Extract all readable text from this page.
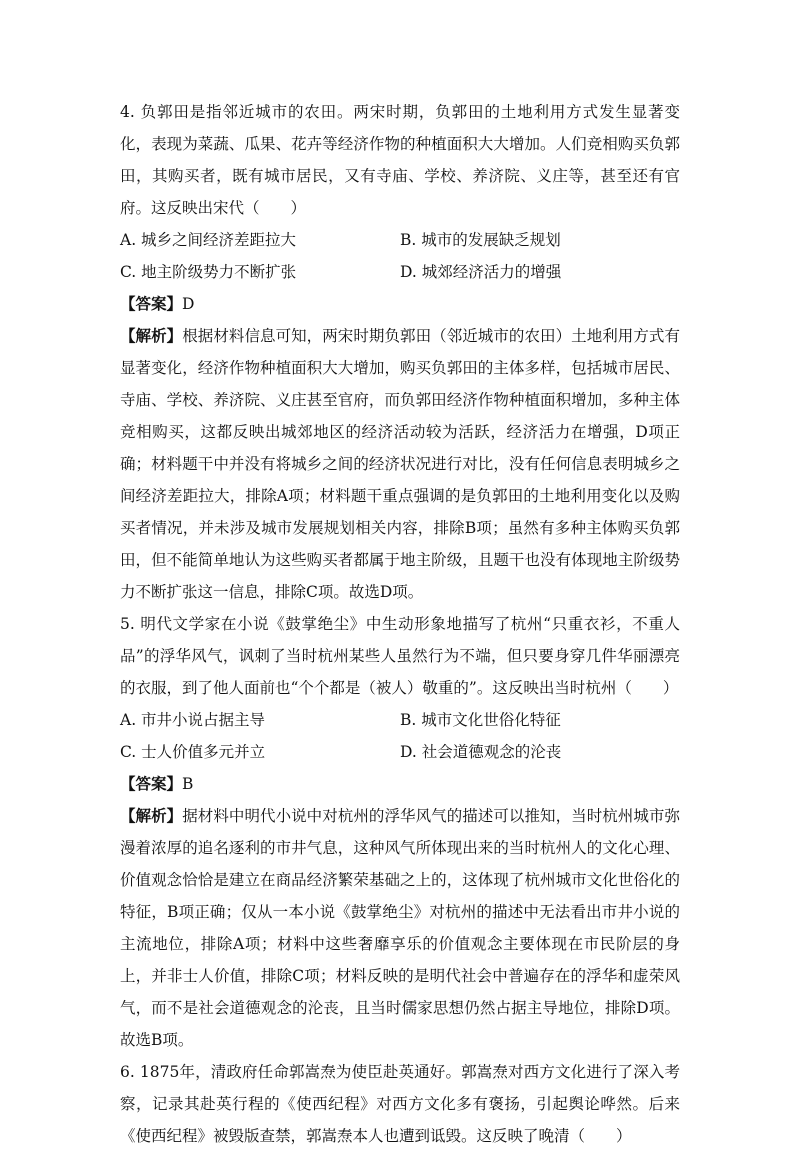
4. 负郭田是指邻近城市的农田。两宋时期，负郭田的土地利用方式发生显著变化，表现为菜蔬、瓜果、花卉等经济作物的种植面积大大增加。人们竞相购买负郭田，其购买者，既有城市居民，又有寺庙、学校、养济院、义庄等，甚至还有官府。这反映出宋代（　　）

A. 城乡之间经济差距拉大	B. 城市的发展缺乏规划
C. 地主阶级势力不断扩张	D. 城郊经济活力的增强

【答案】D

【解析】根据材料信息可知，两宋时期负郭田（邻近城市的农田）土地利用方式有显著变化，经济作物种植面积大大增加，购买负郭田的主体多样，包括城市居民、寺庙、学校、养济院、义庄甚至官府，而负郭田经济作物种植面积增加，多种主体竞相购买，这都反映出城郊地区的经济活动较为活跃，经济活力在增强，D项正确；材料题干中并没有将城乡之间的经济状况进行对比，没有任何信息表明城乡之间经济差距拉大，排除A项；材料题干重点强调的是负郭田的土地利用变化以及购买者情况，并未涉及城市发展规划相关内容，排除B项；虽然有多种主体购买负郭田，但不能简单地认为这些购买者都属于地主阶级，且题干也没有体现地主阶级势力不断扩张这一信息，排除C项。故选D项。

5. 明代文学家在小说《鼓掌绝尘》中生动形象地描写了杭州“只重衣衫，不重人品”的浮华风气，讽刺了当时杭州某些人虽然行为不端，但只要身穿几件华丽漂亮的衣服，到了他人面前也“个个都是（被人）敬重的”。这反映出当时杭州（　　）

A. 市井小说占据主导	B. 城市文化世俗化特征
C. 士人价值多元并立	D. 社会道德观念的沦丧

【答案】B

【解析】据材料中明代小说中对杭州的浮华风气的描述可以推知，当时杭州城市弥漫着浓厚的追名逐利的市井气息，这种风气所体现出来的当时杭州人的文化心理、价值观念恰恰是建立在商品经济繁荣基础之上的，这体现了杭州城市文化世俗化的特征，B项正确；仅从一本小说《鼓掌绝尘》对杭州的描述中无法看出市井小说的主流地位，排除A项；材料中这些奢靡享乐的价值观念主要体现在市民阶层的身上，并非士人价值，排除C项；材料反映的是明代社会中普遍存在的浮华和虚荣风气，而不是社会道德观念的沦丧，且当时儒家思想仍然占据主导地位，排除D项。故选B项。

6. 1875年，清政府任命郭嵩焘为使臣赴英通好。郭嵩焘对西方文化进行了深入考察，记录其赴英行程的《使西纪程》对西方文化多有褒扬，引起舆论哗然。后来《使西纪程》被毁版查禁，郭嵩焘本人也遭到诋毁。这反映了晚清（　　）
